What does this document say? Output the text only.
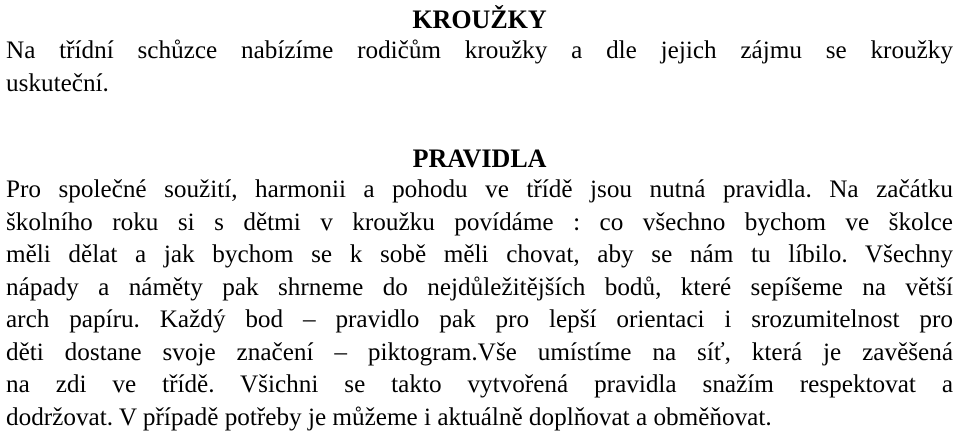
KROUŽKY
Na třídní schůzce nabízíme rodičům kroužky a dle jejich zájmu se kroužky
uskuteční.
PRAVIDLA
Pro společné soužití, harmonii a pohodu ve třídě jsou nutná pravidla. Na začátku
školního roku si s dětmi v kroužku povídáme : co všechno bychom ve školce
měli dělat a jak bychom se k sobě měli chovat, aby se nám tu líbilo. Všechny
nápady a náměty pak shrneme do nejdůležitějších bodů, které sepíšeme na větší
arch papíru. Každý bod – pravidlo pak pro lepší orientaci i srozumitelnost pro
děti dostane svoje značení – piktogram.Vše umístíme na síť, která je zavěšená
na zdi ve třídě. Všichni se takto vytvořená pravidla snažím respektovat a
dodržovat. V případě potřeby je můžeme i aktuálně doplňovat a obměňovat.
